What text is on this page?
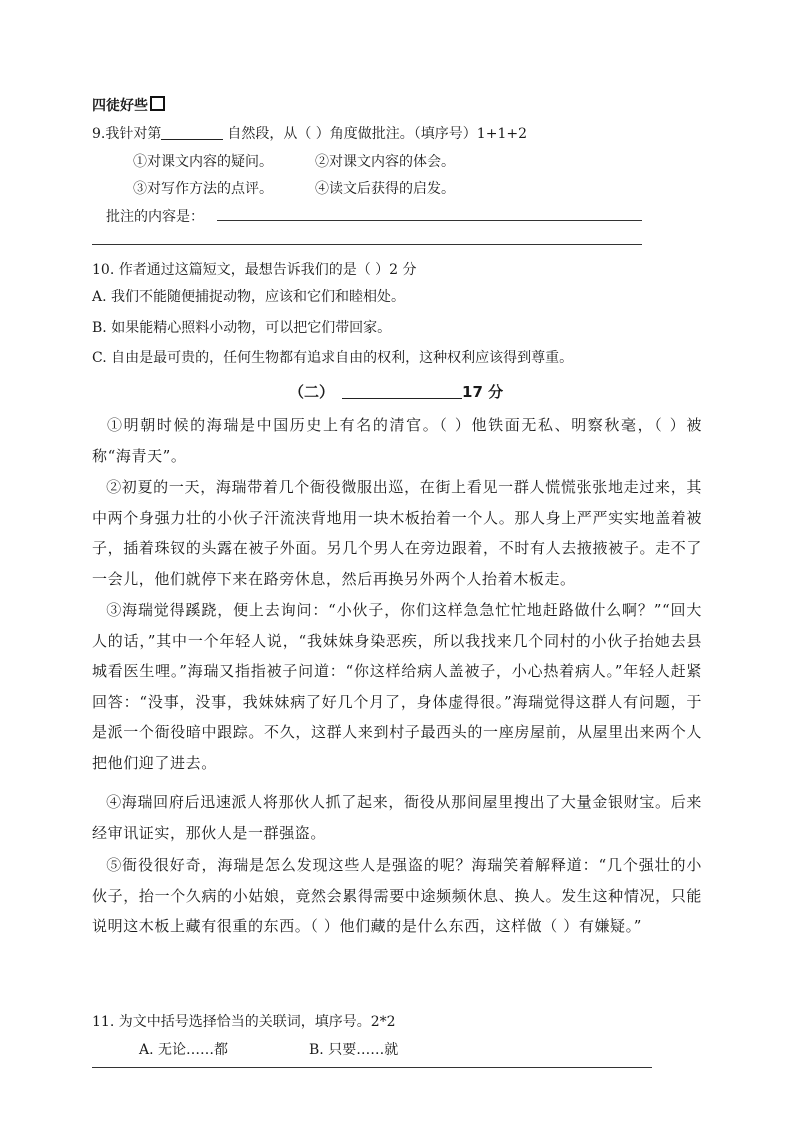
四徒好些
9.我针对第	自然段，从（ ）角度做批注。（填序号）1+1+2
①对课文内容的疑问。	②对课文内容的体会。
③对写作方法的点评。	④读文后获得的启发。
批注的内容是：
10. 作者通过这篇短文，最想告诉我们的是（ ）2 分
A. 我们不能随便捕捉动物，应该和它们和睦相处。
B. 如果能精心照料小动物，可以把它们带回家。
C. 自由是最可贵的，任何生物都有追求自由的权利，这种权利应该得到尊重。
（二）	17 分
①明朝时候的海瑞是中国历史上有名的清官。（ ）他铁面无私、明察秋毫，（ ）被称“海青天”。
②初夏的一天，海瑞带着几个衙役微服出巡，在街上看见一群人慌慌张张地走过来，其中两个身强力壮的小伙子汗流浃背地用一块木板抬着一个人。那人身上严严实实地盖着被子，插着珠钗的头露在被子外面。另几个男人在旁边跟着，不时有人去掖掖被子。走不了一会儿，他们就停下来在路旁休息，然后再换另外两个人抬着木板走。
③海瑞觉得蹊跷，便上去询问：“小伙子，你们这样急急忙忙地赶路做什么啊？”“回大人的话，”其中一个年轻人说，“我妹妹身染恶疾，所以我找来几个同村的小伙子抬她去县城看医生哩。”海瑞又指指被子问道：“你这样给病人盖被子，小心热着病人。”年轻人赶紧回答：“没事，没事，我妹妹病了好几个月了，身体虚得很。”海瑞觉得这群人有问题，于是派一个衙役暗中跟踪。不久，这群人来到村子最西头的一座房屋前，从屋里出来两个人把他们迎了进去。
④海瑞回府后迅速派人将那伙人抓了起来，衙役从那间屋里搜出了大量金银财宝。后来经审讯证实，那伙人是一群强盗。
⑤衙役很好奇，海瑞是怎么发现这些人是强盗的呢？海瑞笑着解释道：“几个强壮的小伙子，抬一个久病的小姑娘，竟然会累得需要中途频频休息、换人。发生这种情况，只能说明这木板上藏有很重的东西。（ ）他们藏的是什么东西，这样做（ ）有嫌疑。”
11. 为文中括号选择恰当的关联词，填序号。2*2
A. 无论……都	B. 只要……就
